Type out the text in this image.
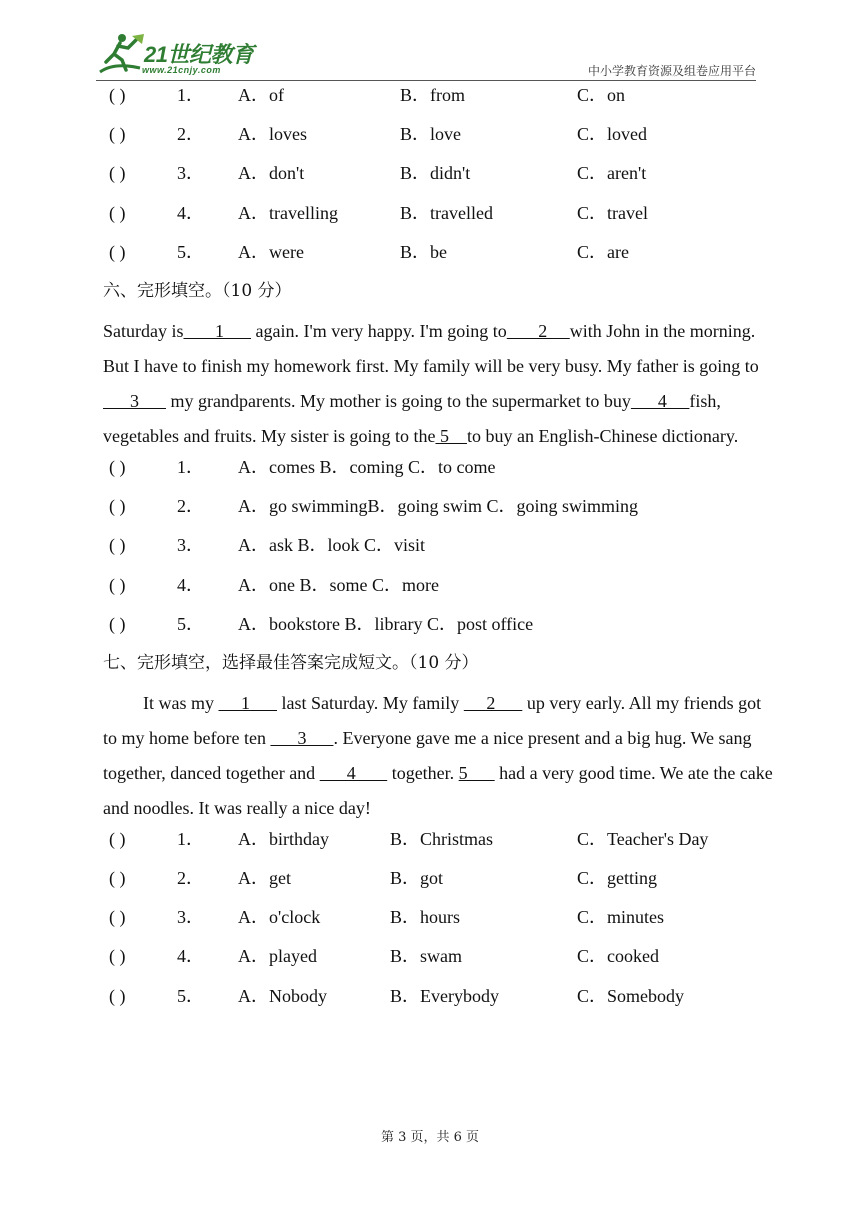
21世纪教育
www.21cnjy.com	中小学教育资源及组卷应用平台
( )	1． A．of	B．from	C．on
( )	2． A．loves	B．love	C．loved
( )	3． A．don't	B．didn't	C．aren't
( )	4． A．travelling	B．travelled	C．travel
( )	5． A．were	B．be	C．are
六、完形填空。（10 分）
Saturday is       1       again. I'm very happy. I'm going to       2     with John in the morning. But I have to finish my homework first. My family will be very busy. My father is going to      3       my grandparents. My mother is going to the supermarket to buy      4     fish, vegetables and fruits. My sister is going to the 5    to buy an English-Chinese dictionary.
( )	1． A．comes B．coming C．to come
( )	2． A．go swimmingB．going swim C．going swimming
( )	3． A．ask B．look C．visit
( )	4． A．one B．some C．more
( )	5． A．bookstore B．library C．post office
七、完形填空，选择最佳答案完成短文。（10 分）
It was my      1       last Saturday. My family      2       up very early. All my friends got to my home before ten       3      . Everyone gave me a nice present and a big hug. We sang together, danced together and       4        together. 5       had a very good time. We ate the cake and noodles. It was really a nice day!
( )	1． A．birthday	B．Christmas	C．Teacher's Day
( )	2． A．get	B．got	C．getting
( )	3． A．o'clock	B．hours	C．minutes
( )	4． A．played	B．swam	C．cooked
( )	5． A．Nobody	B．Everybody	C．Somebody
第 3 页，共 6 页
